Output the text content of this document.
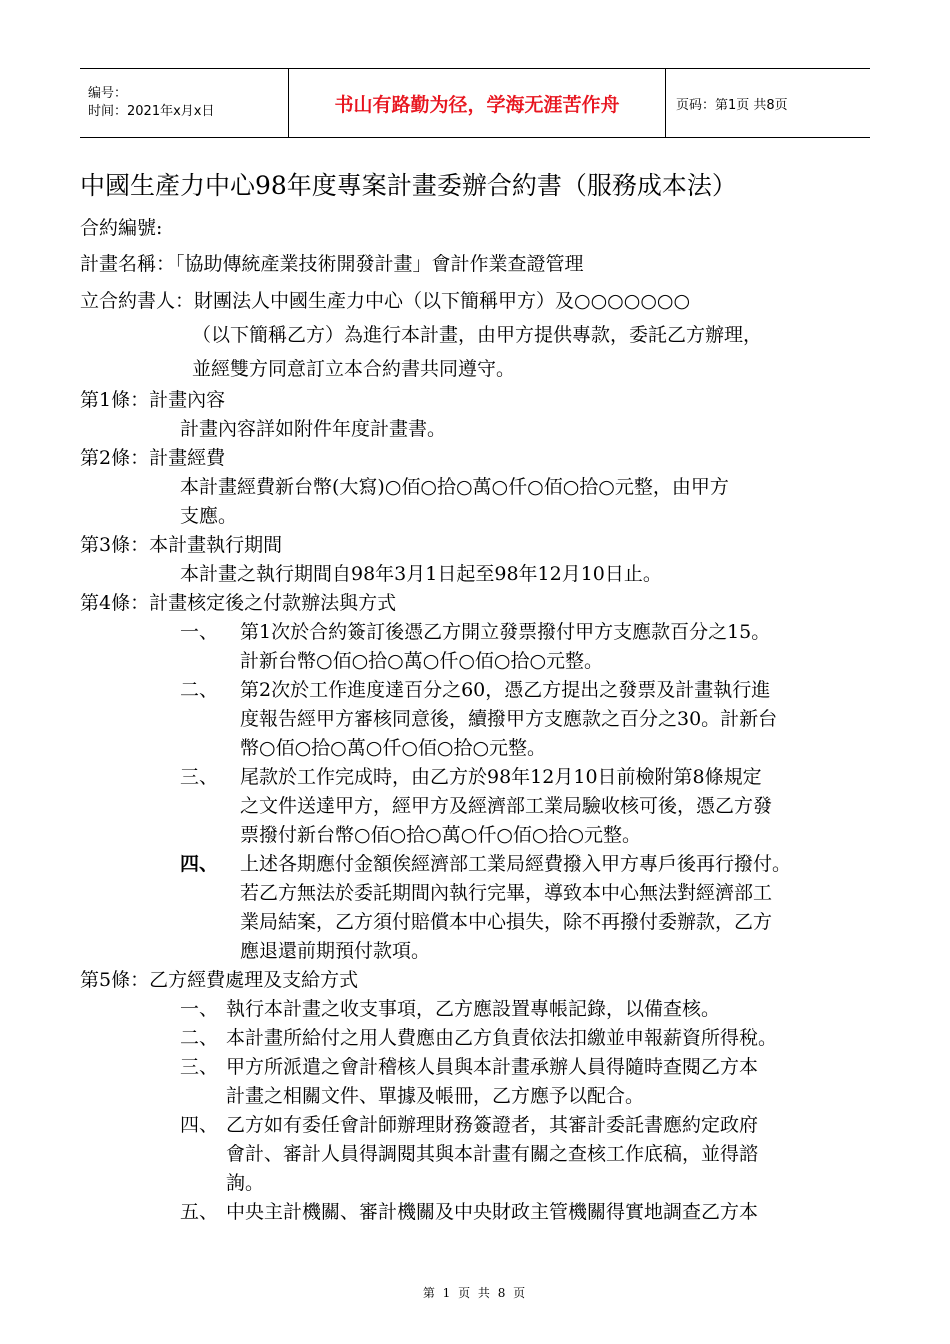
编号：
时间：2021年x月x日	书山有路勤为径，学海无涯苦作舟	页码：第1页 共8页
中國生產力中心98年度專案計畫委辦合約書（服務成本法）
合約編號:
計畫名稱：「協助傳統產業技術開發計畫」會計作業查證管理
立合約書人：財團法人中國生產力中心（以下簡稱甲方）及○○○○○○○
（以下簡稱乙方）為進行本計畫，由甲方提供專款，委託乙方辦理，
並經雙方同意訂立本合約書共同遵守。
第1條：計畫內容
計畫內容詳如附件年度計畫書。
第2條：計畫經費
本計畫經費新台幣(大寫)○佰○拾○萬○仟○佰○拾○元整，由甲方
支應。
第3條：本計畫執行期間
本計畫之執行期間自98年3月1日起至98年12月10日止。
第4條：計畫核定後之付款辦法與方式
一、	第1次於合約簽訂後憑乙方開立發票撥付甲方支應款百分之15。
計新台幣○佰○拾○萬○仟○佰○拾○元整。
二、	第2次於工作進度達百分之60，憑乙方提出之發票及計畫執行進
度報告經甲方審核同意後，續撥甲方支應款之百分之30。計新台
幣○佰○拾○萬○仟○佰○拾○元整。
三、	尾款於工作完成時，由乙方於98年12月10日前檢附第8條規定
之文件送達甲方，經甲方及經濟部工業局驗收核可後，憑乙方發
票撥付新台幣○佰○拾○萬○仟○佰○拾○元整。
四、	上述各期應付金額俟經濟部工業局經費撥入甲方專戶後再行撥付。
若乙方無法於委託期間內執行完畢，導致本中心無法對經濟部工
業局結案，乙方須付賠償本中心損失，除不再撥付委辦款，乙方
應退還前期預付款項。
第5條：乙方經費處理及支給方式
一、 執行本計畫之收支事項，乙方應設置專帳記錄，以備查核。
二、 本計畫所給付之用人費應由乙方負責依法扣繳並申報薪資所得稅。
三、 甲方所派遣之會計稽核人員與本計畫承辦人員得隨時查閱乙方本
計畫之相關文件、單據及帳冊，乙方應予以配合。
四、 乙方如有委任會計師辦理財務簽證者，其審計委託書應約定政府
會計、審計人員得調閱其與本計畫有關之查核工作底稿，並得諮
詢。
五、 中央主計機關、審計機關及中央財政主管機關得實地調查乙方本
第 1 页 共 8 页
